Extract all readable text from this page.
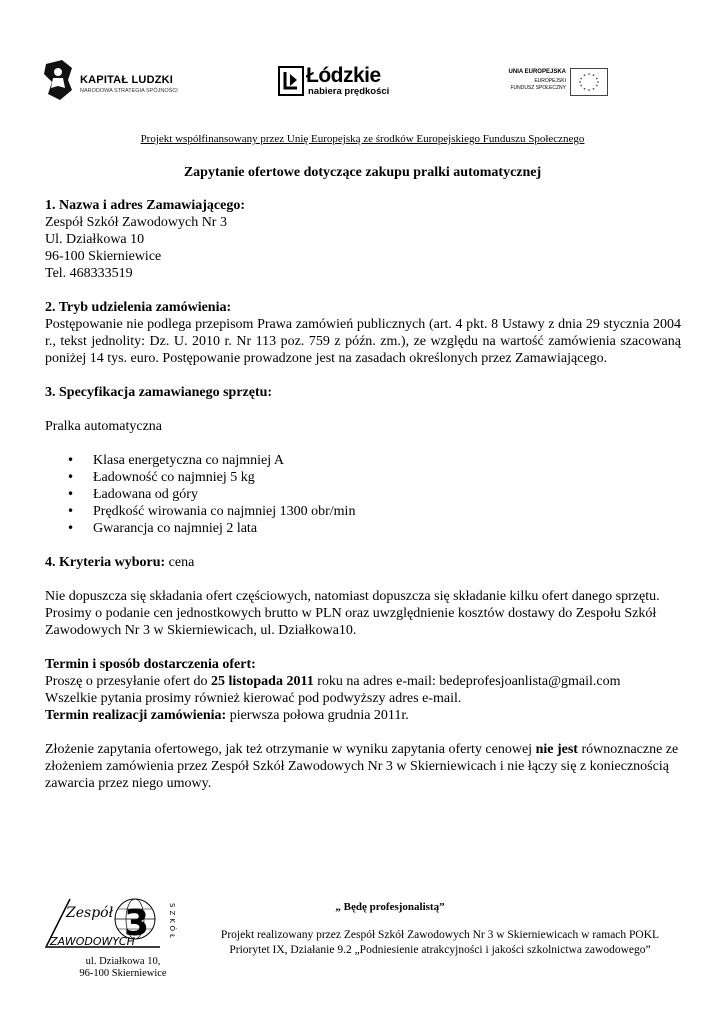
KAPITAŁ LUDZKI
NARODOWA STRATEGIA SPÓJNOŚCI
Łódzkie
nabiera prędkości
UNIA EUROPEJSKA
EUROPEJSKI
FUNDUSZ SPOŁECZNY
Projekt współfinansowany przez Unię Europejską ze środków Europejskiego Funduszu Społecznego
Zapytanie ofertowe dotyczące zakupu pralki automatycznej

1. Nazwa i adres Zamawiającego:

Zespół Szkół Zawodowych Nr 3

Ul. Działkowa 10

96-100 Skierniewice

Tel. 468333519

2. Tryb udzielenia zamówienia:

Postępowanie nie podlega przepisom Prawa zamówień publicznych (art. 4 pkt. 8 Ustawy z dnia 29 stycznia 2004 r., tekst jednolity: Dz. U. 2010 r. Nr 113 poz. 759 z późn. zm.), ze względu na wartość zamówienia szacowaną poniżej 14 tys. euro. Postępowanie prowadzone jest na zasadach określonych przez Zamawiającego.

3. Specyfikacja zamawianego sprzętu:

Pralka automatyczna

• Klasa energetyczna co najmniej A
• Ładowność co najmniej 5 kg
• Ładowana od góry
• Prędkość wirowania co najmniej 1300 obr/min
• Gwarancja co najmniej 2 lata

4. Kryteria wyboru: cena

Nie dopuszcza się składania ofert częściowych, natomiast dopuszcza się składanie kilku ofert danego sprzętu.

Prosimy o podanie cen jednostkowych brutto w PLN oraz uwzględnienie kosztów dostawy do Zespołu Szkół Zawodowych Nr 3 w Skierniewicach, ul. Działkowa10.

Termin i sposób dostarczenia ofert:

Proszę o przesyłanie ofert do 25 listopada 2011 roku na adres e-mail: bedeprofesjoanlista@gmail.com

Wszelkie pytania prosimy również kierować pod podwyższy adres e-mail.

Termin realizacji zamówienia: pierwsza połowa grudnia 2011r.

Złożenie zapytania ofertowego, jak też otrzymanie w wyniku zapytania oferty cenowej nie jest równoznaczne ze złożeniem zamówienia przez Zespół Szkół Zawodowych Nr 3 w Skierniewicach i nie łączy się z koniecznością zawarcia przez niego umowy.

Zespół 3
ZAWODOWYCH
SZKÓŁ
ul. Działkowa 10,
96-100 Skierniewice
„ Będę profesjonalistą”
Projekt realizowany przez Zespół Szkół Zawodowych Nr 3 w Skierniewicach w ramach POKL
Priorytet IX, Działanie 9.2 „Podniesienie atrakcyjności i jakości szkolnictwa zawodowego”
